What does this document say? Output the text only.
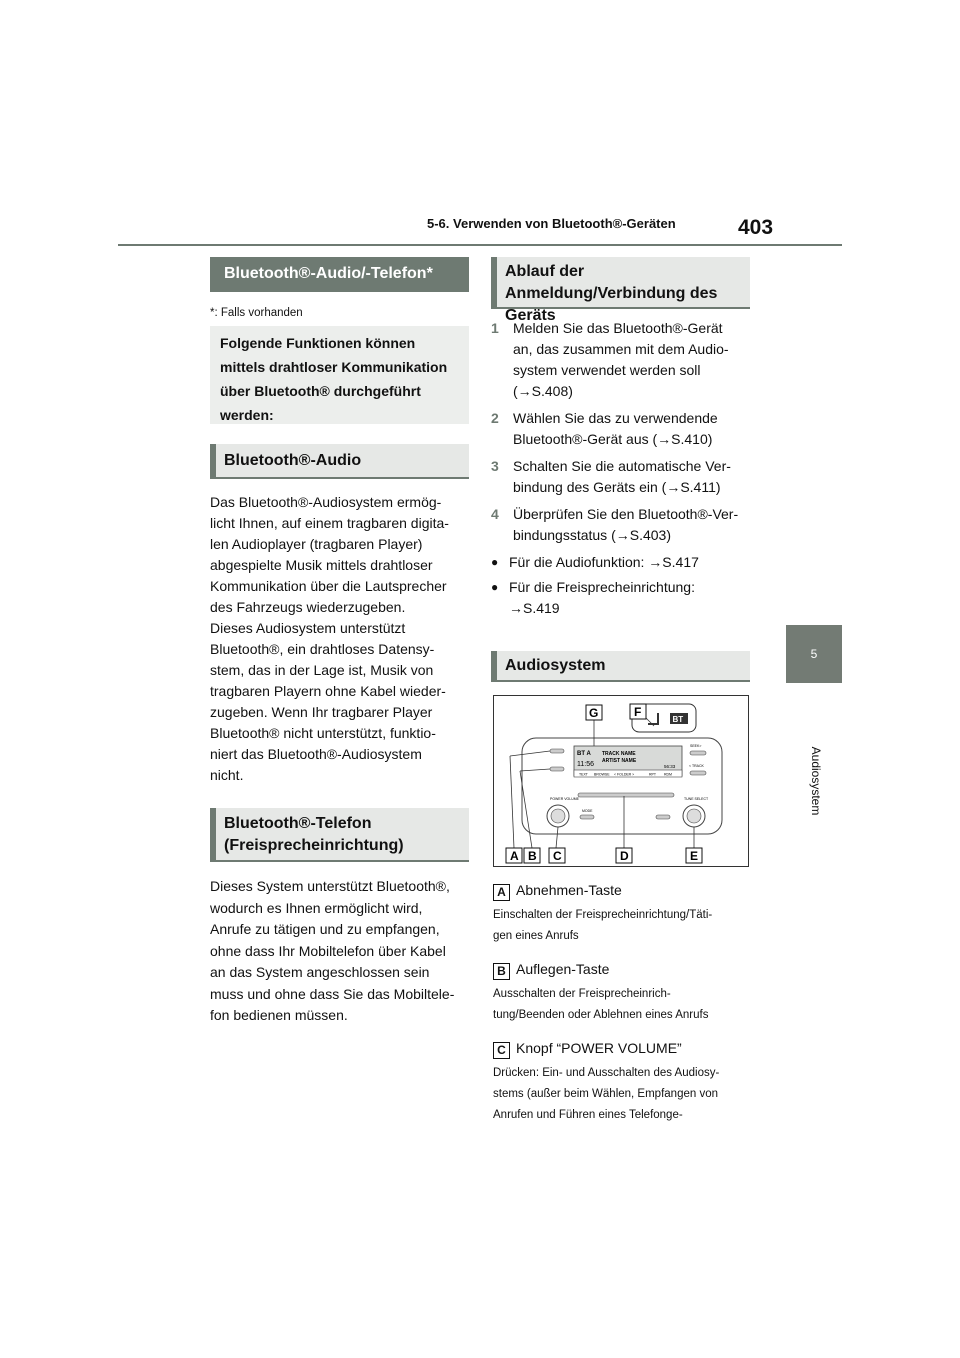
5-6. Verwenden von Bluetooth®-Geräten	403
5
Audiosystem
Bluetooth®-Audio/-Telefon*
*: Falls vorhanden
Folgende Funktionen können mittels drahtloser Kommunikation über Bluetooth® durchgeführt werden:
Bluetooth®-Audio
Das Bluetooth®-Audiosystem ermög-
licht Ihnen, auf einem tragbaren digita-
len Audioplayer (tragbaren Player)
abgespielte Musik mittels drahtloser
Kommunikation über die Lautsprecher
des Fahrzeugs wiederzugeben.
Dieses Audiosystem unterstützt
Bluetooth®, ein drahtloses Datensy-
stem, das in der Lage ist, Musik von
tragbaren Playern ohne Kabel wieder-
zugeben. Wenn Ihr tragbarer Player
Bluetooth® nicht unterstützt, funktio-
niert das Bluetooth®-Audiosystem
nicht.
Bluetooth®-Telefon (Freisprecheinrichtung)
Dieses System unterstützt Bluetooth®,
wodurch es Ihnen ermöglicht wird,
Anrufe zu tätigen und zu empfangen,
ohne dass Ihr Mobiltelefon über Kabel
an das System angeschlossen sein
muss und ohne dass Sie das Mobiltele-
fon bedienen müssen.
Ablauf der Anmeldung/Verbindung des Geräts
1	Melden Sie das Bluetooth®-Gerät
an, das zusammen mit dem Audio-
system verwendet werden soll
(→S.408)
2	Wählen Sie das zu verwendende
Bluetooth®-Gerät aus (→S.410)
3	Schalten Sie die automatische Ver-
bindung des Geräts ein (→S.411)
4	Überprüfen Sie den Bluetooth®-Ver-
bindungsstatus (→S.403)
● Für die Audiofunktion: →S.417
● Für die Freisprecheinrichtung:
→S.419
Audiosystem
BT A TRACK NAME
ARTIST NAME
11:56	56:33
TEXT BROWSE < FOLDER >	RPT RDM
SEEK>
< TRACK
POWER VOLUME	TUNE SELECT
MODE
BT
A B C	D	E
F
G
A Abnehmen-Taste
Einschalten der Freisprecheinrichtung/Täti-
gen eines Anrufs
B Auflegen-Taste
Ausschalten der Freisprecheinrich-
tung/Beenden oder Ablehnen eines Anrufs
C Knopf “POWER VOLUME”
Drücken: Ein- und Ausschalten des Audiosy-
stems (außer beim Wählen, Empfangen von
Anrufen und Führen eines Telefonge-
